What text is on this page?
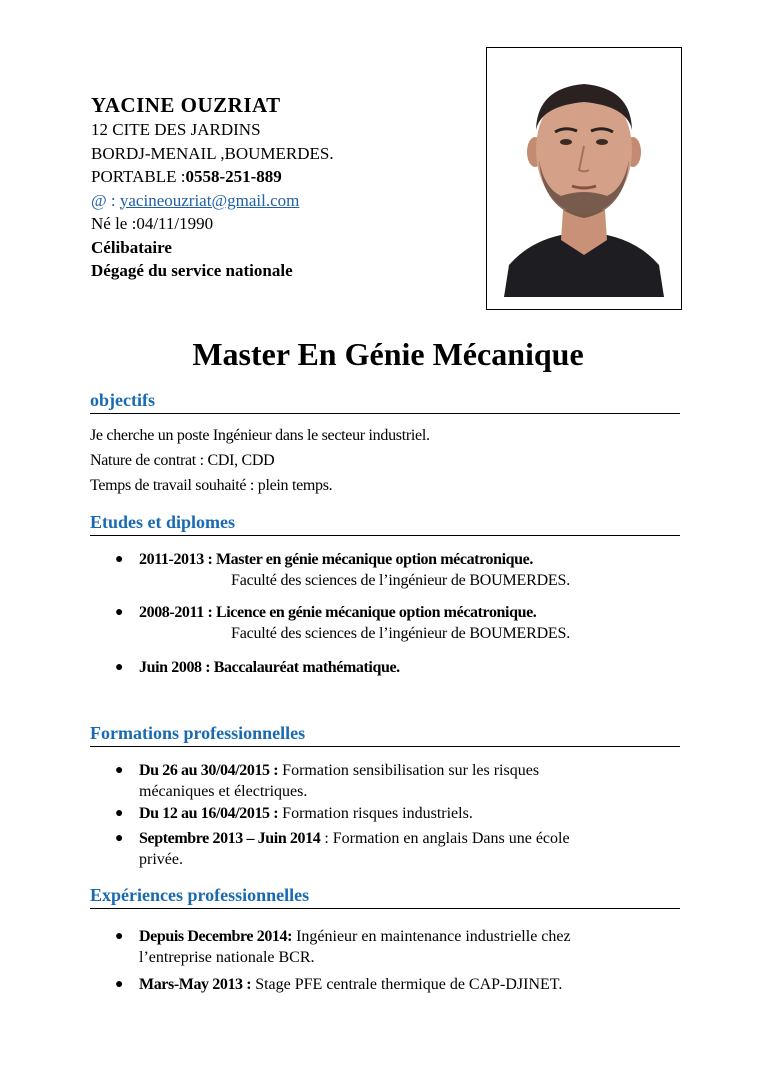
YACINE OUZRIAT
12 CITE DES JARDINS
BORDJ-MENAIL ,BOUMERDES.
PORTABLE :0558-251-889
@ : yacineouzriat@gmail.com
Né le :04/11/1990
Célibataire
Dégagé du service nationale
Master En Génie Mécanique
objectifs
Je cherche un poste Ingénieur dans le secteur industriel.
Nature de contrat : CDI, CDD
Temps de travail souhaité : plein temps.
Etudes et diplomes
● 2011-2013 : Master en génie mécanique option mécatronique.
Faculté des sciences de l’ingénieur de BOUMERDES.
● 2008-2011 : Licence en génie mécanique option mécatronique.
Faculté des sciences de l’ingénieur de BOUMERDES.
● Juin 2008 : Baccalauréat mathématique.
Formations professionnelles
● Du 26 au 30/04/2015 : Formation sensibilisation sur les risques
mécaniques et électriques.
● Du 12 au 16/04/2015 : Formation risques industriels.
● Septembre 2013 – Juin 2014 : Formation en anglais Dans une école
privée.
Expériences professionnelles
● Depuis Decembre 2014: Ingénieur en maintenance industrielle chez
l’entreprise nationale BCR.
● Mars-May 2013 : Stage PFE centrale thermique de CAP-DJINET.
